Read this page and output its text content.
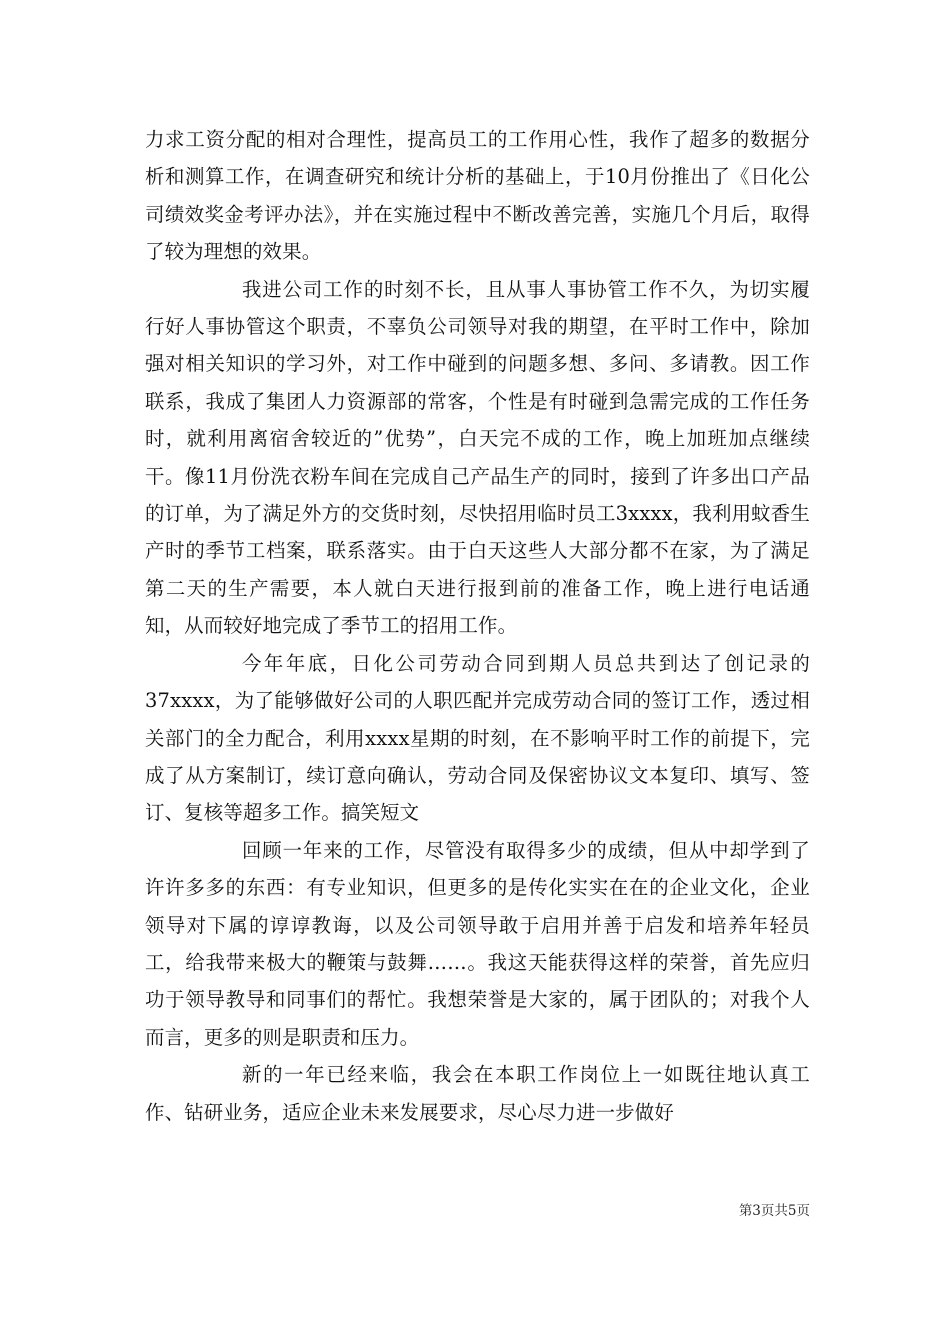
力求工资分配的相对合理性，提高员工的工作用心性，我作了超多的数据分析和测算工作，在调查研究和统计分析的基础上，于10月份推出了《日化公司绩效奖金考评办法》，并在实施过程中不断改善完善，实施几个月后，取得了较为理想的效果。

我进公司工作的时刻不长，且从事人事协管工作不久，为切实履行好人事协管这个职责，不辜负公司领导对我的期望，在平时工作中，除加强对相关知识的学习外，对工作中碰到的问题多想、多问、多请教。因工作联系，我成了集团人力资源部的常客，个性是有时碰到急需完成的工作任务时，就利用离宿舍较近的”优势”，白天完不成的工作，晚上加班加点继续干。像11月份洗衣粉车间在完成自己产品生产的同时，接到了许多出口产品的订单，为了满足外方的交货时刻，尽快招用临时员工3xxxx，我利用蚊香生产时的季节工档案，联系落实。由于白天这些人大部分都不在家，为了满足第二天的生产需要，本人就白天进行报到前的准备工作，晚上进行电话通知，从而较好地完成了季节工的招用工作。

今年年底，日化公司劳动合同到期人员总共到达了创记录的37xxxx，为了能够做好公司的人职匹配并完成劳动合同的签订工作，透过相关部门的全力配合，利用xxxx星期的时刻，在不影响平时工作的前提下，完成了从方案制订，续订意向确认，劳动合同及保密协议文本复印、填写、签订、复核等超多工作。搞笑短文

回顾一年来的工作，尽管没有取得多少的成绩，但从中却学到了许许多多的东西：有专业知识，但更多的是传化实实在在的企业文化，企业领导对下属的谆谆教诲，以及公司领导敢于启用并善于启发和培养年轻员工，给我带来极大的鞭策与鼓舞……。我这天能获得这样的荣誉，首先应归功于领导教导和同事们的帮忙。我想荣誉是大家的，属于团队的；对我个人而言，更多的则是职责和压力。

新的一年已经来临，我会在本职工作岗位上一如既往地认真工作、钻研业务，适应企业未来发展要求，尽心尽力进一步做好

第3页共5页
